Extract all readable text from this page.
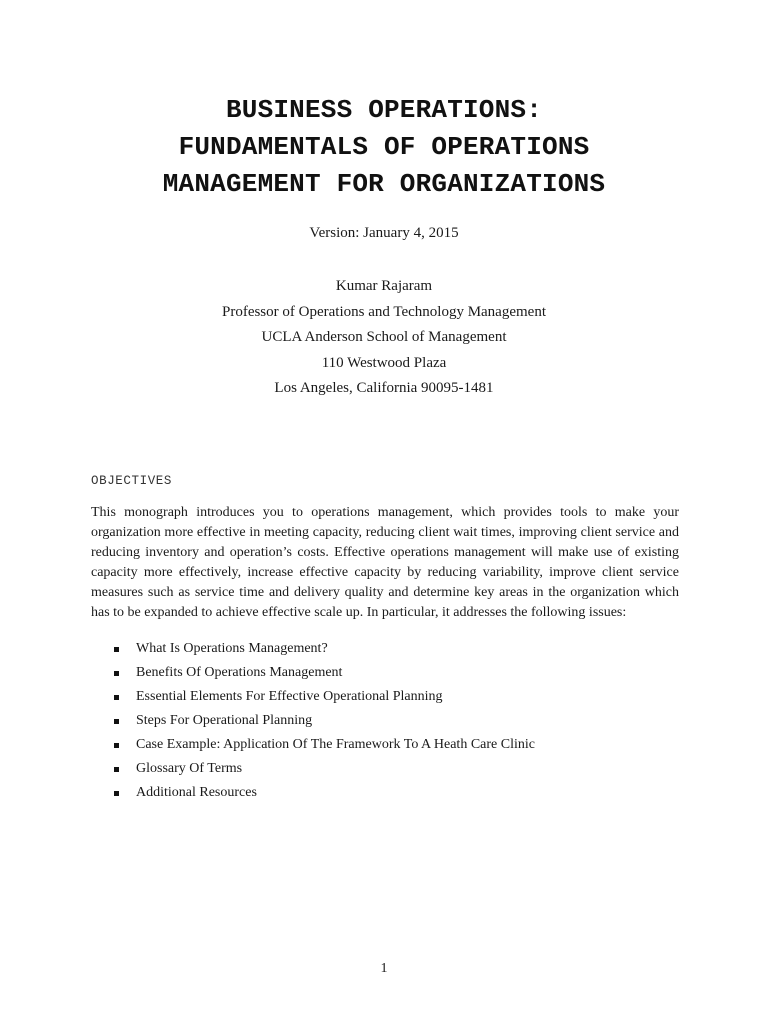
BUSINESS OPERATIONS:
FUNDAMENTALS OF OPERATIONS
MANAGEMENT FOR ORGANIZATIONS
Version: January 4, 2015
Kumar Rajaram
Professor of Operations and Technology Management
UCLA Anderson School of Management
110 Westwood Plaza
Los Angeles, California 90095-1481
OBJECTIVES
This monograph introduces you to operations management, which provides tools to make your organization more effective in meeting capacity, reducing client wait times, improving client service and reducing inventory and operation’s costs. Effective operations management will make use of existing capacity more effectively, increase effective capacity by reducing variability, improve client service measures such as service time and delivery quality and determine key areas in the organization which has to be expanded to achieve effective scale up. In particular, it addresses the following issues:
What Is Operations Management?
Benefits Of Operations Management
Essential Elements For Effective Operational Planning
Steps For Operational Planning
Case Example: Application Of The Framework To A Heath Care Clinic
Glossary Of Terms
Additional Resources
1
